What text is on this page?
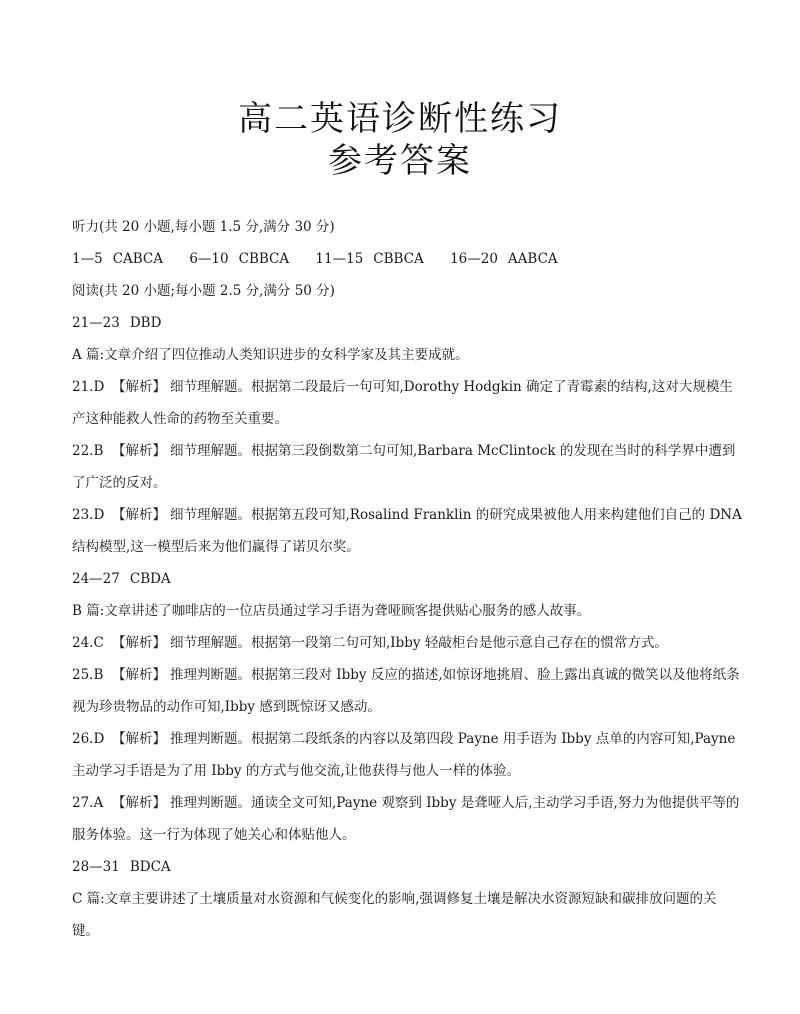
高二英语诊断性练习
参考答案
听力(共 20 小题,每小题 1.5 分,满分 30 分)
1—5 CABCA 6—10 CBBCA 11—15 CBBCA 16—20 AABCA
阅读(共 20 小题;每小题 2.5 分,满分 50 分)
21—23 DBD
A 篇:文章介绍了四位推动人类知识进步的女科学家及其主要成就。
21.D 【解析】 细节理解题。根据第二段最后一句可知,Dorothy Hodgkin 确定了青霉素的结构,这对大规模生产这种能救人性命的药物至关重要。
22.B 【解析】 细节理解题。根据第三段倒数第二句可知,Barbara McClintock 的发现在当时的科学界中遭到了广泛的反对。
23.D 【解析】 细节理解题。根据第五段可知,Rosalind Franklin 的研究成果被他人用来构建他们自己的 DNA 结构模型,这一模型后来为他们赢得了诺贝尔奖。
24—27 CBDA
B 篇:文章讲述了咖啡店的一位店员通过学习手语为聋哑顾客提供贴心服务的感人故事。
24.C 【解析】 细节理解题。根据第一段第二句可知,Ibby 轻敲柜台是他示意自己存在的惯常方式。
25.B 【解析】 推理判断题。根据第三段对 Ibby 反应的描述,如惊讶地挑眉、脸上露出真诚的微笑以及他将纸条视为珍贵物品的动作可知,Ibby 感到既惊讶又感动。
26.D 【解析】 推理判断题。根据第二段纸条的内容以及第四段 Payne 用手语为 Ibby 点单的内容可知,Payne 主动学习手语是为了用 Ibby 的方式与他交流,让他获得与他人一样的体验。
27.A 【解析】 推理判断题。通读全文可知,Payne 观察到 Ibby 是聋哑人后,主动学习手语,努力为他提供平等的服务体验。这一行为体现了她关心和体贴他人。
28—31 BDCA
C 篇:文章主要讲述了土壤质量对水资源和气候变化的影响,强调修复土壤是解决水资源短缺和碳排放问题的关键。
